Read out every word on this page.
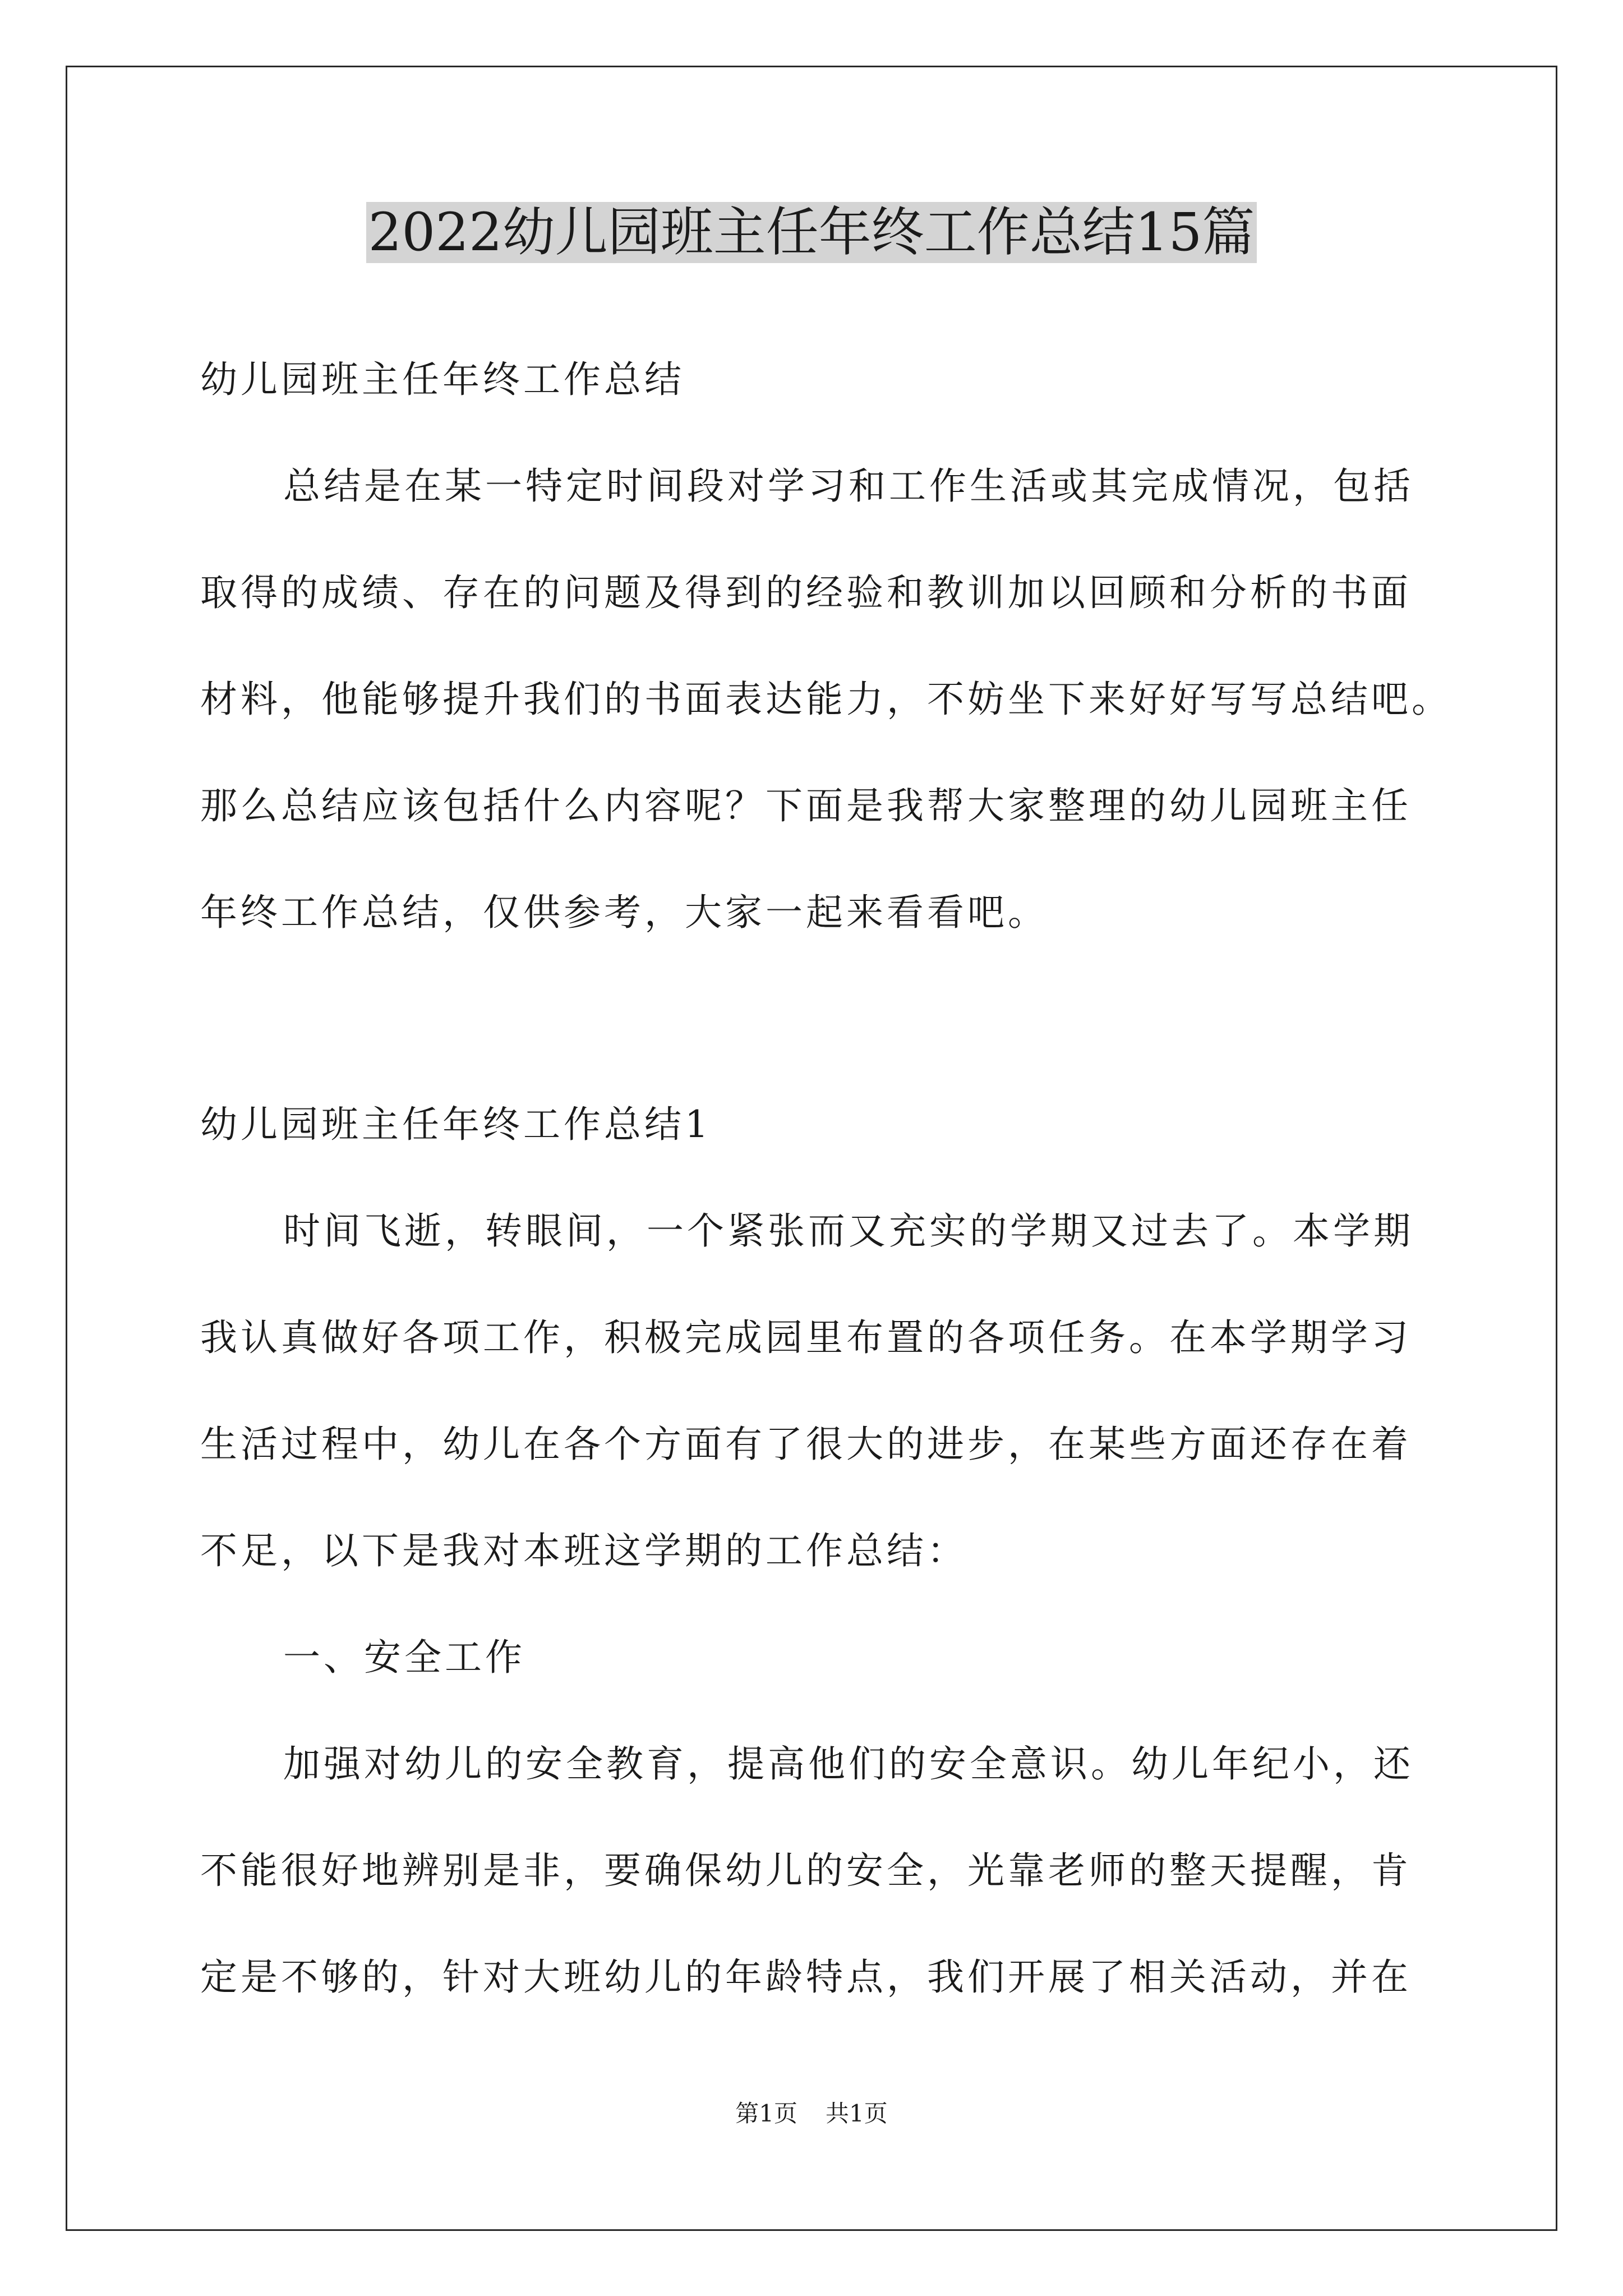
2022幼儿园班主任年终工作总结15篇
幼儿园班主任年终工作总结
总结是在某一特定时间段对学习和工作生活或其完成情况，包括
取得的成绩、存在的问题及得到的经验和教训加以回顾和分析的书面
材料，他能够提升我们的书面表达能力，不妨坐下来好好写写总结吧。
那么总结应该包括什么内容呢？下面是我帮大家整理的幼儿园班主任
年终工作总结，仅供参考，大家一起来看看吧。
幼儿园班主任年终工作总结1
时间飞逝，转眼间，一个紧张而又充实的学期又过去了。本学期
我认真做好各项工作，积极完成园里布置的各项任务。在本学期学习
生活过程中，幼儿在各个方面有了很大的进步，在某些方面还存在着
不足，以下是我对本班这学期的工作总结：
一、安全工作
加强对幼儿的安全教育，提高他们的安全意识。幼儿年纪小，还
不能很好地辨别是非，要确保幼儿的安全，光靠老师的整天提醒，肯
定是不够的，针对大班幼儿的年龄特点，我们开展了相关活动，并在
第1页 共1页
